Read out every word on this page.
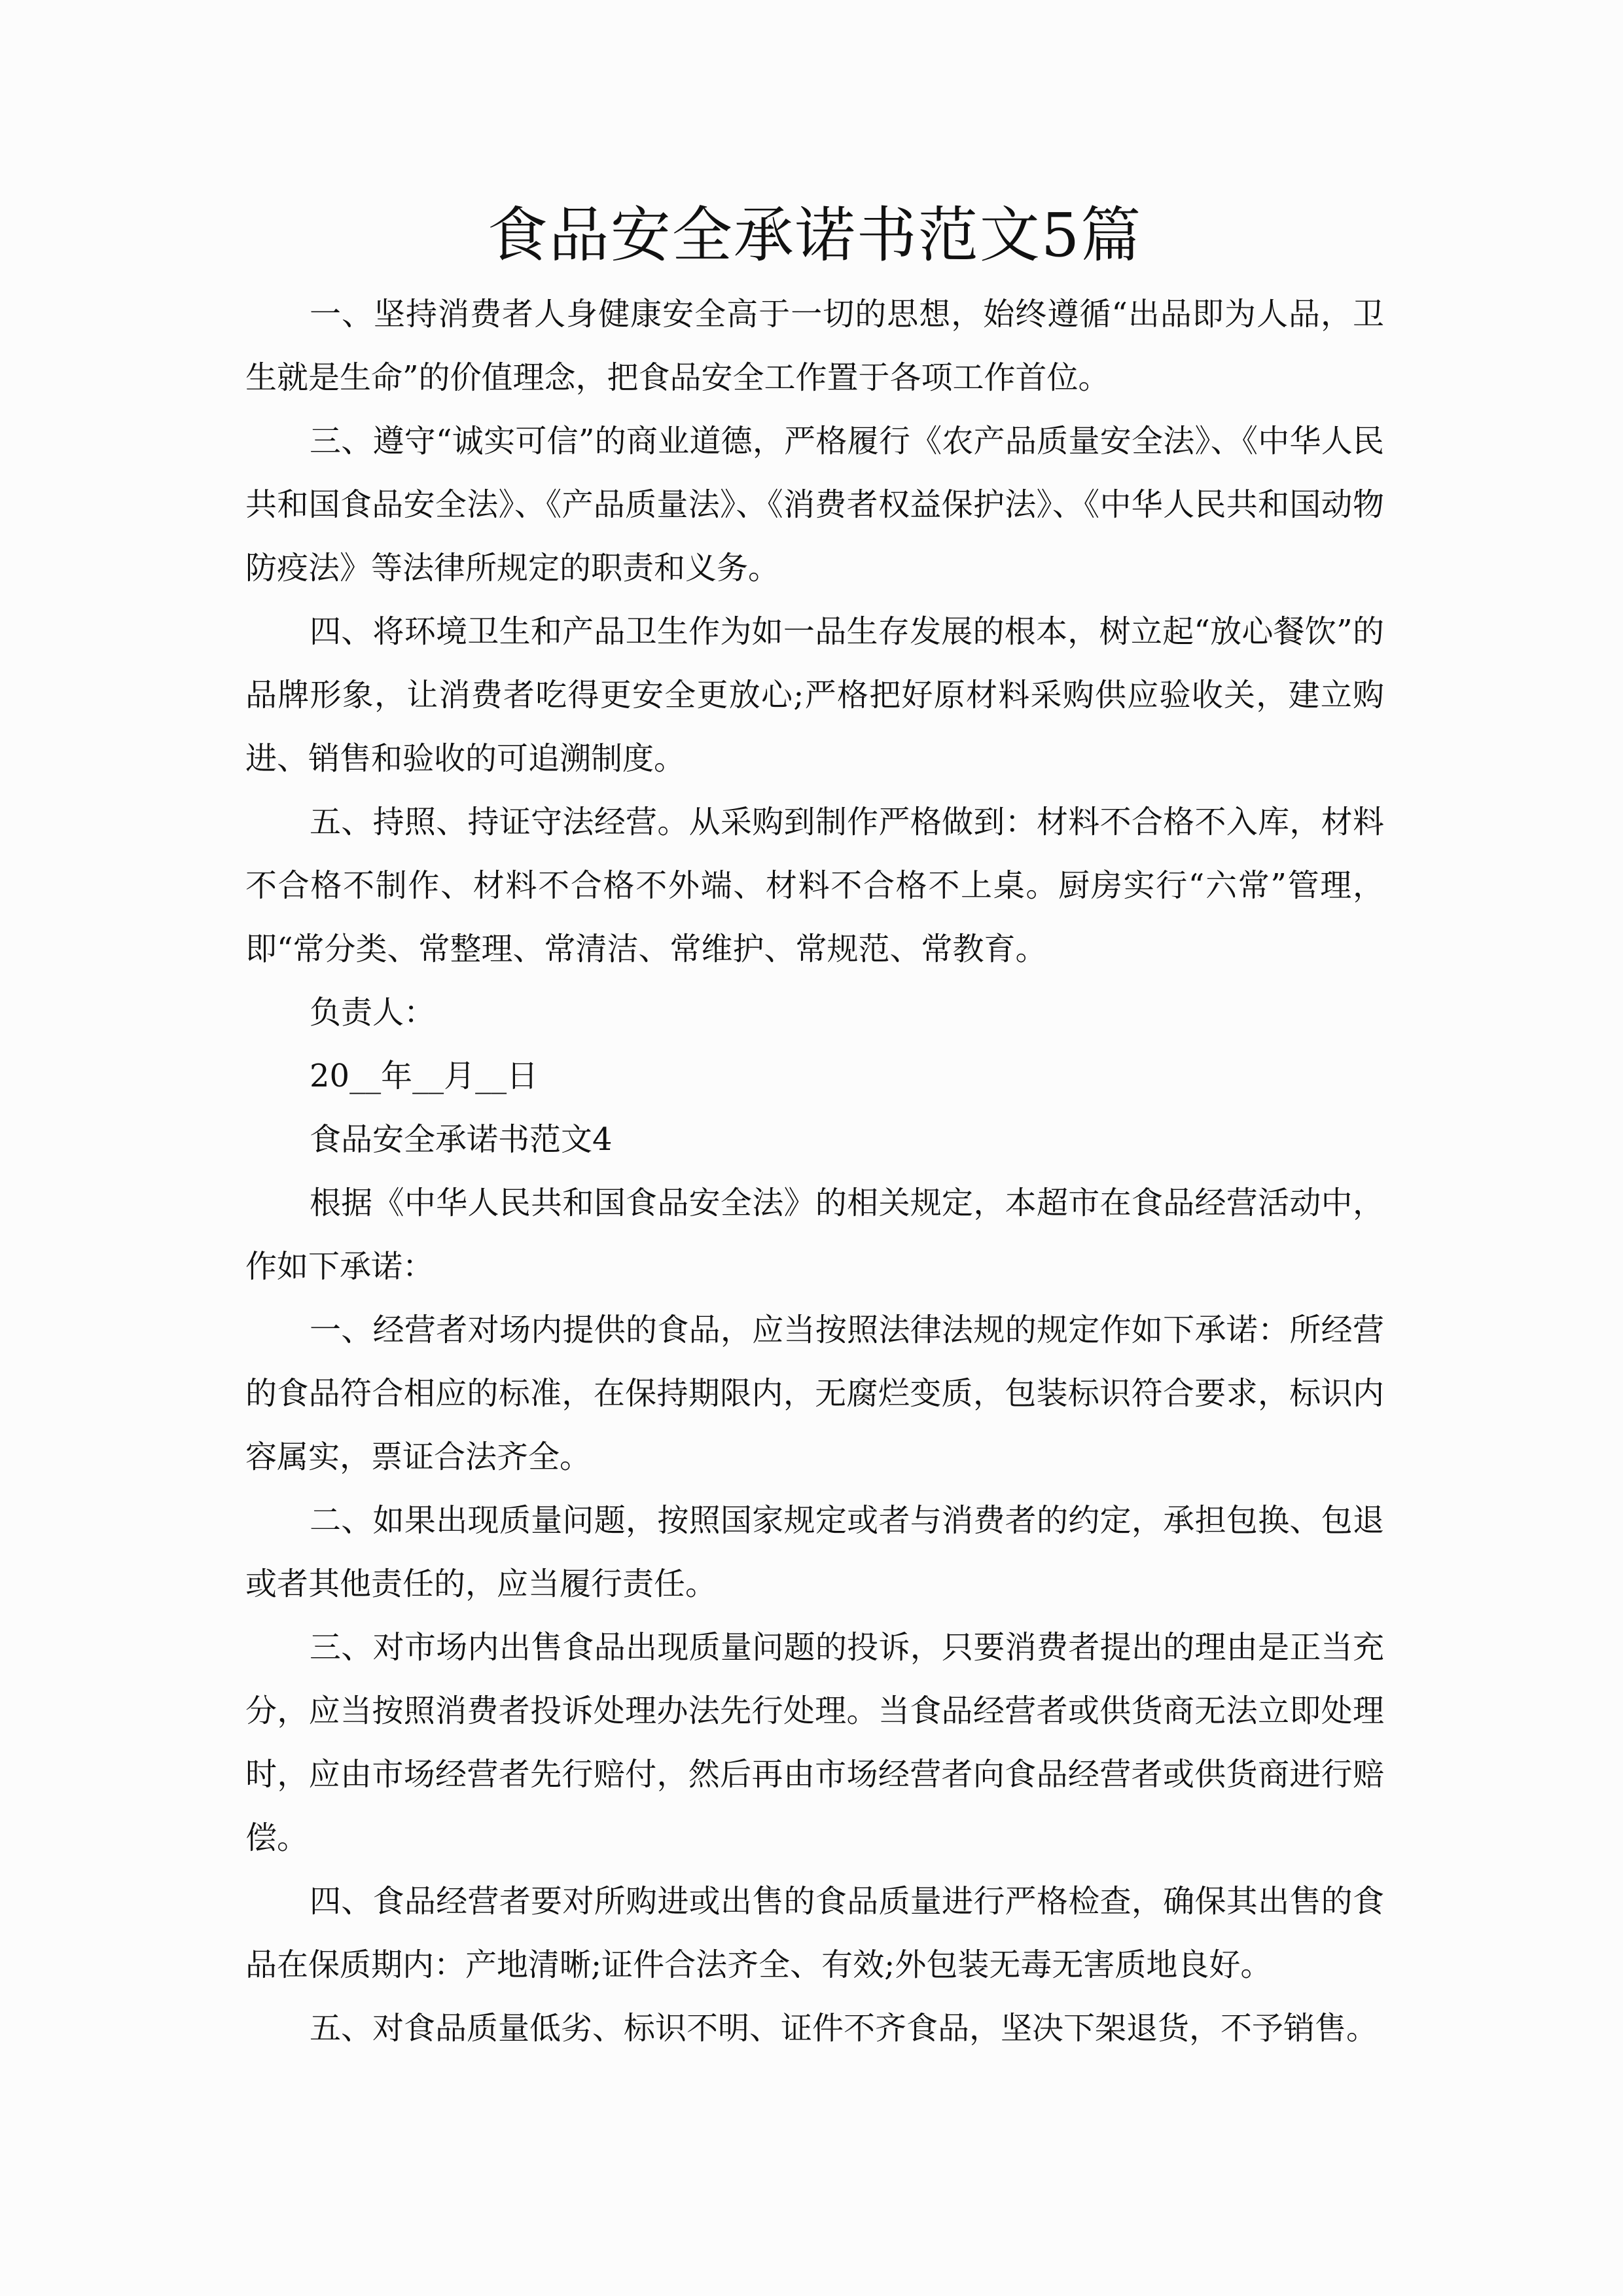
食品安全承诺书范文5篇

一、坚持消费者人身健康安全高于一切的思想，始终遵循“出品即为人品，卫生就是生命”的价值理念，把食品安全工作置于各项工作首位。

三、遵守“诚实可信”的商业道德，严格履行《农产品质量安全法》、《中华人民共和国食品安全法》、《产品质量法》、《消费者权益保护法》、《中华人民共和国动物防疫法》等法律所规定的职责和义务。

四、将环境卫生和产品卫生作为如一品生存发展的根本，树立起“放心餐饮”的品牌形象，让消费者吃得更安全更放心;严格把好原材料采购供应验收关，建立购进、销售和验收的可追溯制度。

五、持照、持证守法经营。从采购到制作严格做到：材料不合格不入库，材料不合格不制作、材料不合格不外端、材料不合格不上桌。厨房实行“六常”管理，即“常分类、常整理、常清洁、常维护、常规范、常教育。

负责人：

20__年__月__日

食品安全承诺书范文4

根据《中华人民共和国食品安全法》的相关规定，本超市在食品经营活动中，作如下承诺：

一、经营者对场内提供的食品，应当按照法律法规的规定作如下承诺：所经营的食品符合相应的标准，在保持期限内，无腐烂变质，包装标识符合要求，标识内容属实，票证合法齐全。

二、如果出现质量问题，按照国家规定或者与消费者的约定，承担包换、包退或者其他责任的，应当履行责任。

三、对市场内出售食品出现质量问题的投诉，只要消费者提出的理由是正当充分，应当按照消费者投诉处理办法先行处理。当食品经营者或供货商无法立即处理时，应由市场经营者先行赔付，然后再由市场经营者向食品经营者或供货商进行赔偿。

四、食品经营者要对所购进或出售的食品质量进行严格检查，确保其出售的食品在保质期内：产地清晰;证件合法齐全、有效;外包装无毒无害质地良好。

五、对食品质量低劣、标识不明、证件不齐食品，坚决下架退货，不予销售。
